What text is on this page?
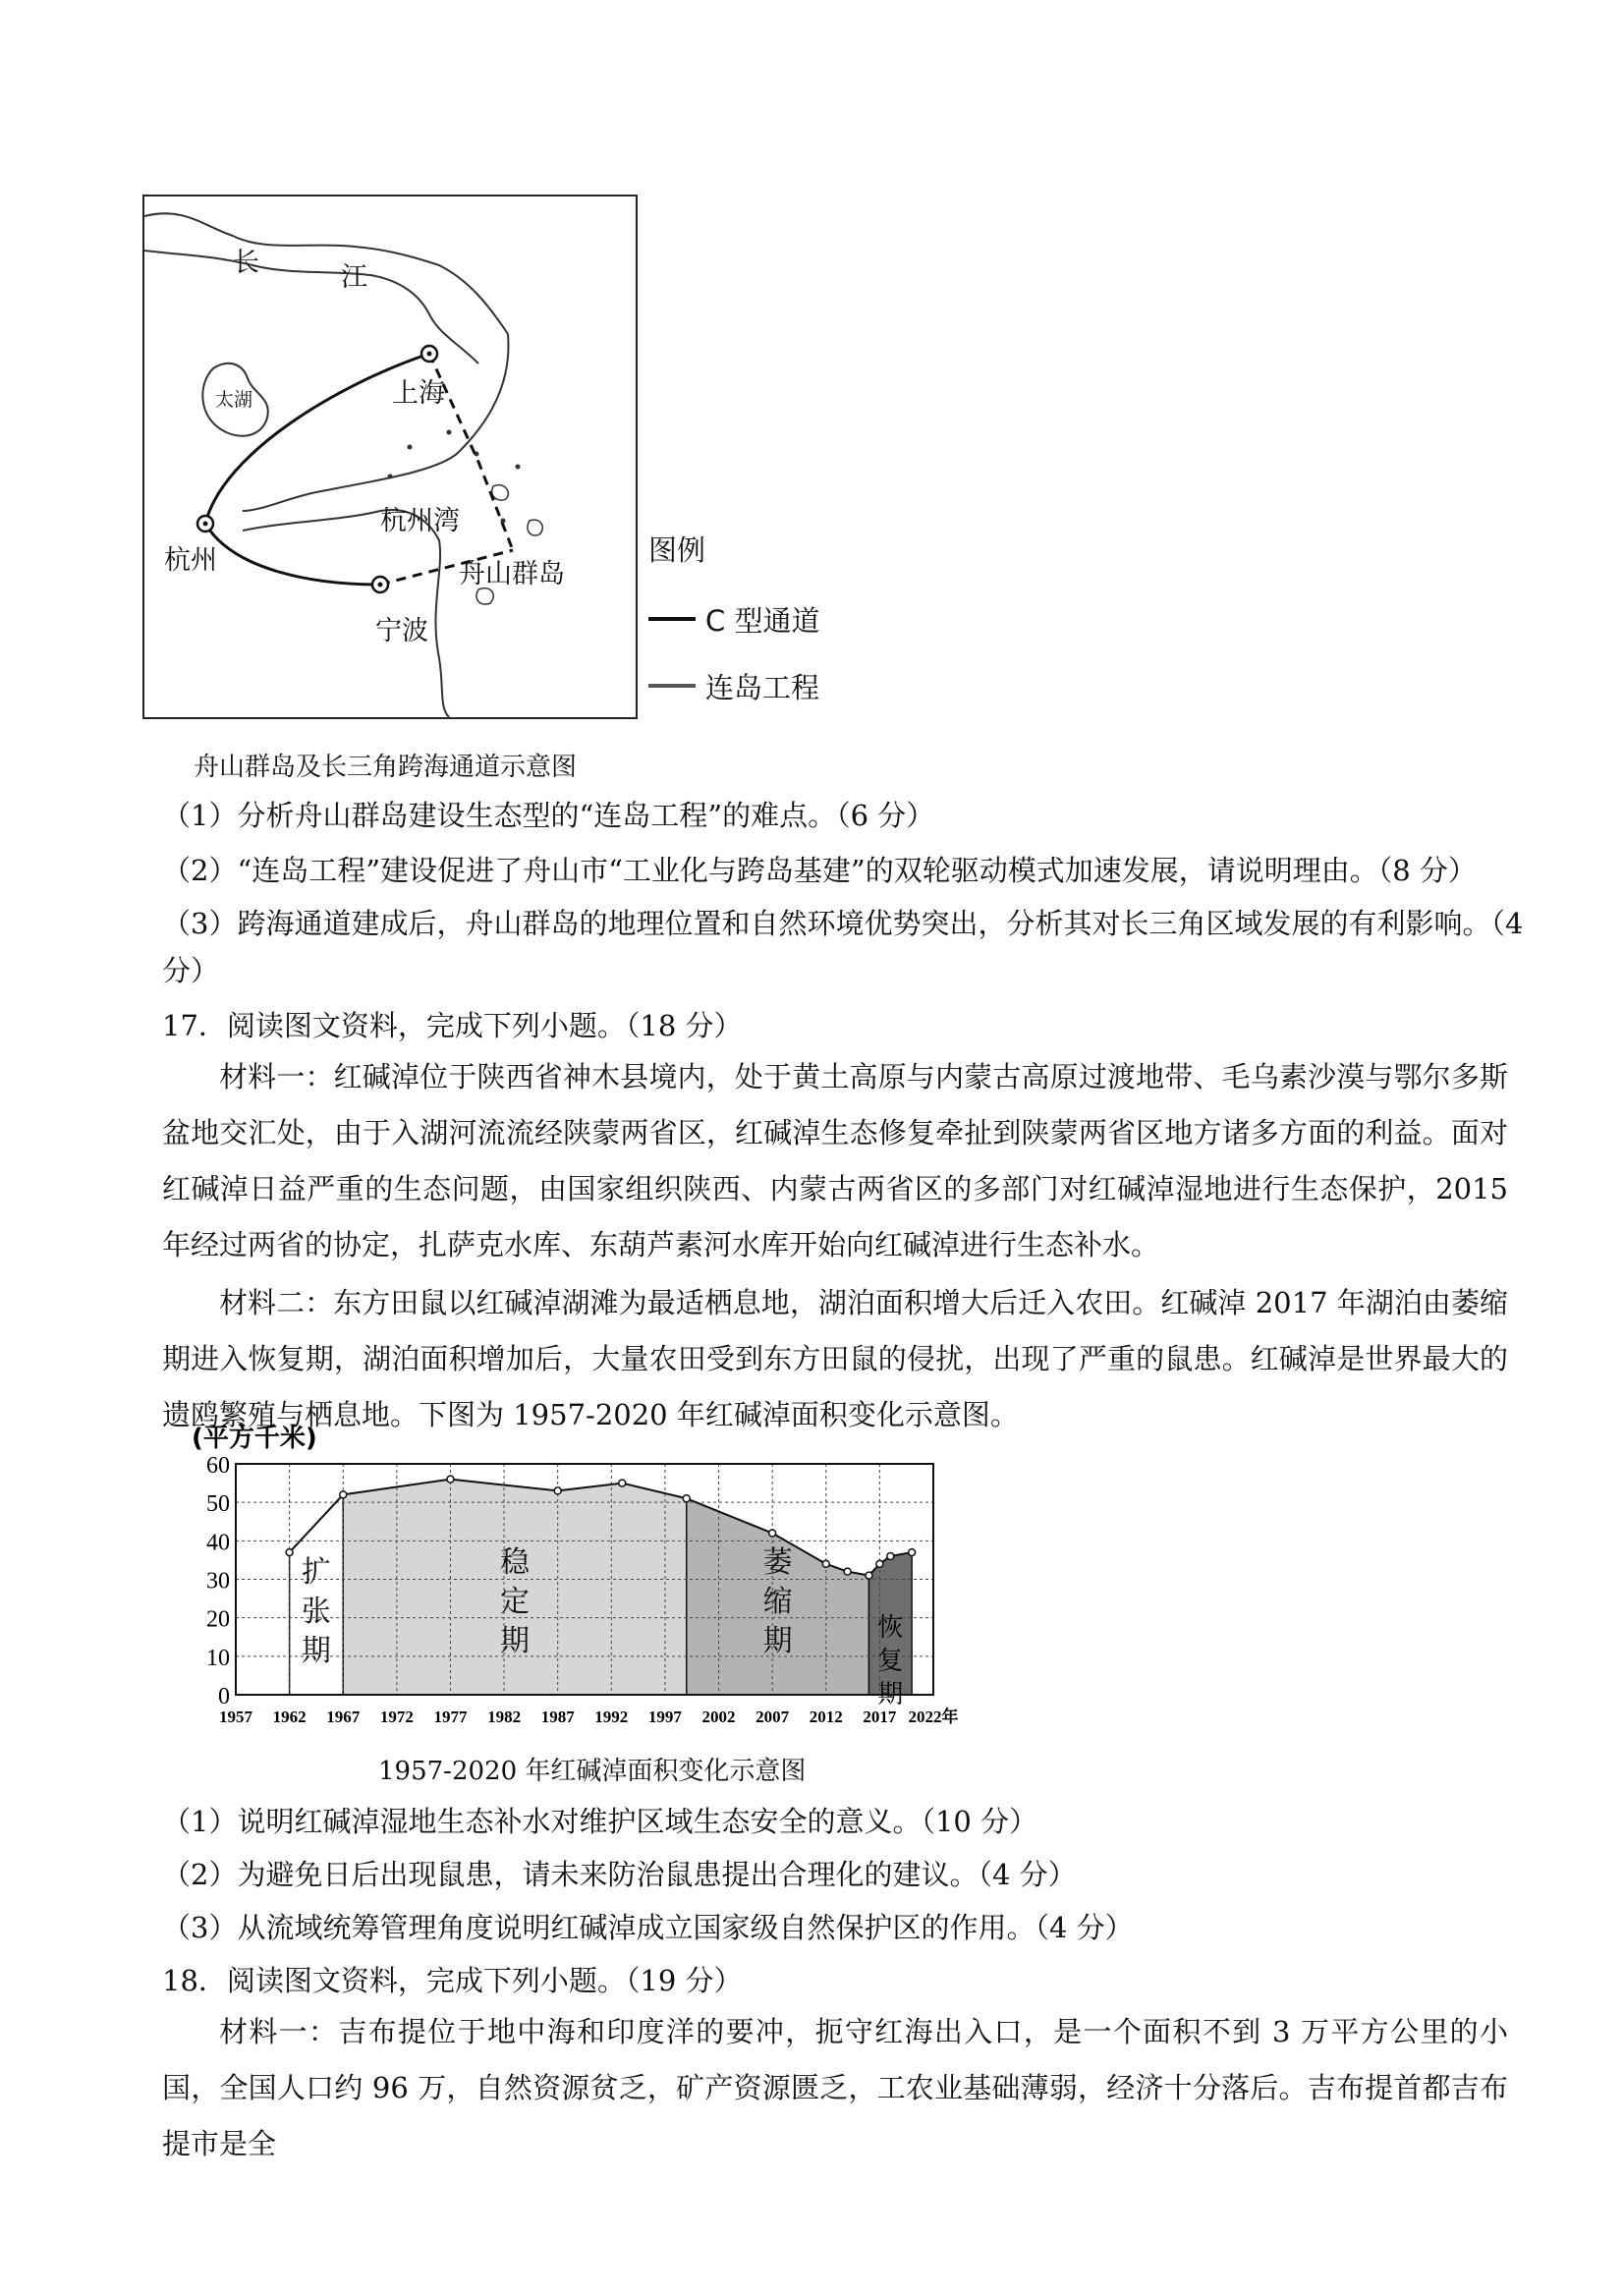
长	江
太湖	上海
杭州湾
杭州	舟山群岛
宁波
图例
C 型通道
连岛工程
舟山群岛及长三角跨海通道示意图
（1）分析舟山群岛建设生态型的“连岛工程”的难点。（6 分）
（2）“连岛工程”建设促进了舟山市“工业化与跨岛基建”的双轮驱动模式加速发展，请说明理由。（8 分）
（3）跨海通道建成后，舟山群岛的地理位置和自然环境优势突出，分析其对长三角区域发展的有利影响。（4
分）
17．阅读图文资料，完成下列小题。（18 分）
材料一：红碱淖位于陕西省神木县境内，处于黄土高原与内蒙古高原过渡地带、毛乌素沙漠与鄂尔多斯盆地交汇处，由于入湖河流流经陕蒙两省区，红碱淖生态修复牵扯到陕蒙两省区地方诸多方面的利益。面对红碱淖日益严重的生态问题，由国家组织陕西、内蒙古两省区的多部门对红碱淖湿地进行生态保护，2015 年经过两省的协定，扎萨克水库、东葫芦素河水库开始向红碱淖进行生态补水。
材料二：东方田鼠以红碱淖湖滩为最适栖息地，湖泊面积增大后迁入农田。红碱淖 2017 年湖泊由萎缩期进入恢复期，湖泊面积增加后，大量农田受到东方田鼠的侵扰，出现了严重的鼠患。红碱淖是世界最大的遗鸥繁殖与栖息地。下图为 1957-2020 年红碱淖面积变化示意图。
0
10
20
30
40
50
60
1957 1962 1967 1972 1977 1982 1987 1992 1997 2002 2007 2012 2017 2022年
(平方千米)
扩
张
期
稳
定
期
萎
缩
期	恢
复
期
1957-2020 年红碱淖面积变化示意图
（1）说明红碱淖湿地生态补水对维护区域生态安全的意义。（10 分）
（2）为避免日后出现鼠患，请未来防治鼠患提出合理化的建议。（4 分）
（3）从流域统筹管理角度说明红碱淖成立国家级自然保护区的作用。（4 分）
18．阅读图文资料，完成下列小题。（19 分）
材料一：吉布提位于地中海和印度洋的要冲，扼守红海出入口，是一个面积不到 3 万平方公里的小国，全国人口约 96 万，自然资源贫乏，矿产资源匮乏，工农业基础薄弱，经济十分落后。吉布提首都吉布提市是全
